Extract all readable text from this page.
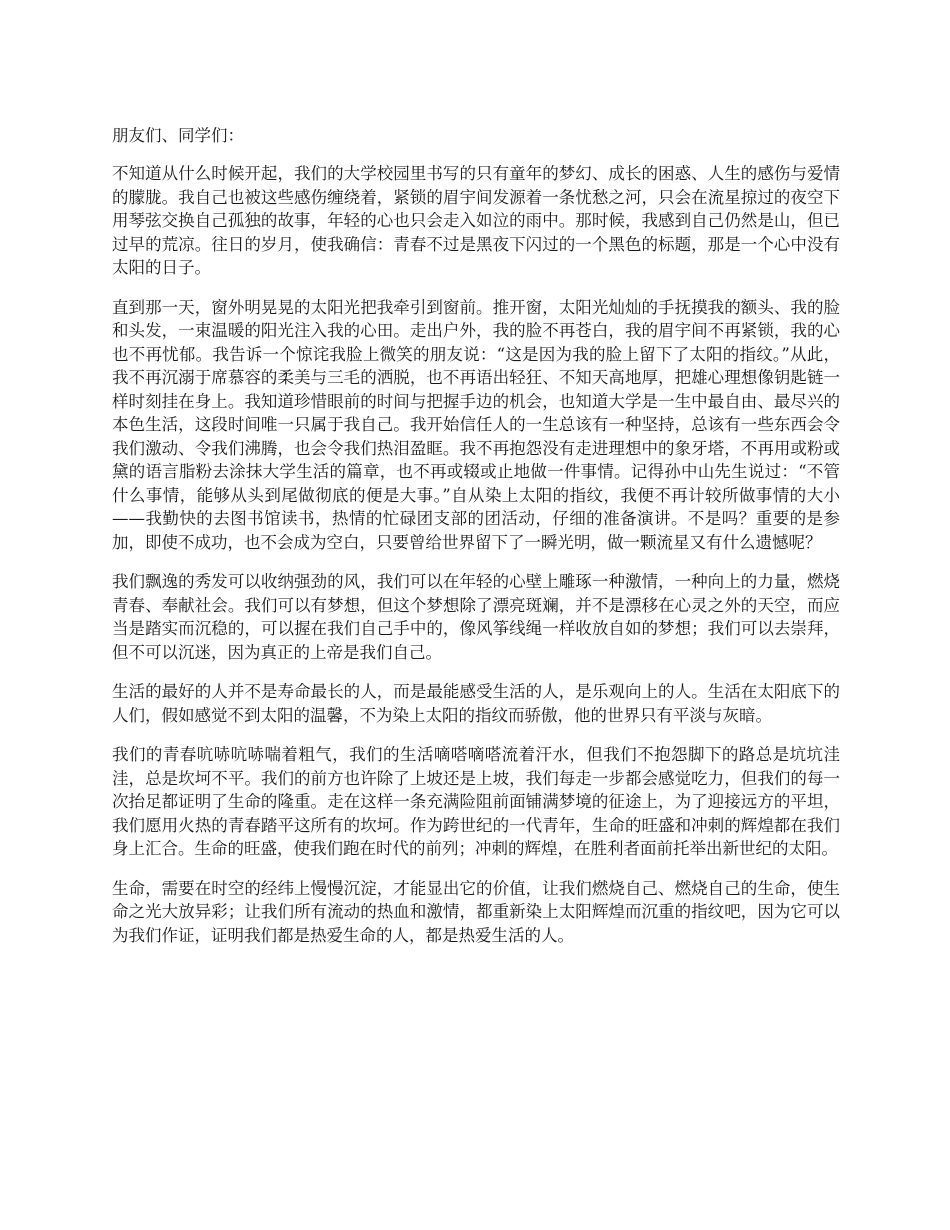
朋友们、同学们：

不知道从什么时候开起，我们的大学校园里书写的只有童年的梦幻、成长的困惑、人生的感伤与爱情的朦胧。我自己也被这些感伤缠绕着，紧锁的眉宇间发源着一条忧愁之河，只会在流星掠过的夜空下用琴弦交换自己孤独的故事，年轻的心也只会走入如泣的雨中。那时候，我感到自己仍然是山，但已过早的荒凉。往日的岁月，使我确信：青春不过是黑夜下闪过的一个黑色的标题，那是一个心中没有太阳的日子。

直到那一天，窗外明晃晃的太阳光把我牵引到窗前。推开窗，太阳光灿灿的手抚摸我的额头、我的脸和头发，一束温暖的阳光注入我的心田。走出户外，我的脸不再苍白，我的眉宇间不再紧锁，我的心也不再忧郁。我告诉一个惊诧我脸上微笑的朋友说：“这是因为我的脸上留下了太阳的指纹。”从此，我不再沉溺于席慕容的柔美与三毛的洒脱，也不再语出轻狂、不知天高地厚，把雄心理想像钥匙链一样时刻挂在身上。我知道珍惜眼前的时间与把握手边的机会，也知道大学是一生中最自由、最尽兴的本色生活，这段时间唯一只属于我自己。我开始信任人的一生总该有一种坚持，总该有一些东西会令我们激动、令我们沸腾，也会令我们热泪盈眶。我不再抱怨没有走进理想中的象牙塔，不再用或粉或黛的语言脂粉去涂抹大学生活的篇章，也不再或辍或止地做一件事情。记得孙中山先生说过：“不管什么事情，能够从头到尾做彻底的便是大事。”自从染上太阳的指纹，我便不再计较所做事情的大小——我勤快的去图书馆读书，热情的忙碌团支部的团活动，仔细的准备演讲。不是吗？重要的是参加，即使不成功，也不会成为空白，只要曾给世界留下了一瞬光明，做一颗流星又有什么遗憾呢？

我们飘逸的秀发可以收纳强劲的风，我们可以在年轻的心壁上雕琢一种激情，一种向上的力量，燃烧青春、奉献社会。我们可以有梦想，但这个梦想除了漂亮斑斓，并不是漂移在心灵之外的天空，而应当是踏实而沉稳的，可以握在我们自己手中的，像风筝线绳一样收放自如的梦想；我们可以去崇拜，但不可以沉迷，因为真正的上帝是我们自己。

生活的最好的人并不是寿命最长的人，而是最能感受生活的人，是乐观向上的人。生活在太阳底下的人们，假如感觉不到太阳的温馨，不为染上太阳的指纹而骄傲，他的世界只有平淡与灰暗。

我们的青春吭哧吭哧喘着粗气，我们的生活嘀嗒嘀嗒流着汗水，但我们不抱怨脚下的路总是坑坑洼洼，总是坎坷不平。我们的前方也许除了上坡还是上坡，我们每走一步都会感觉吃力，但我们的每一次抬足都证明了生命的隆重。走在这样一条充满险阻前面铺满梦境的征途上，为了迎接远方的平坦，我们愿用火热的青春踏平这所有的坎坷。作为跨世纪的一代青年，生命的旺盛和冲刺的辉煌都在我们身上汇合。生命的旺盛，使我们跑在时代的前列；冲刺的辉煌，在胜利者面前托举出新世纪的太阳。

生命，需要在时空的经纬上慢慢沉淀，才能显出它的价值，让我们燃烧自己、燃烧自己的生命，使生命之光大放异彩；让我们所有流动的热血和激情，都重新染上太阳辉煌而沉重的指纹吧，因为它可以为我们作证，证明我们都是热爱生命的人，都是热爱生活的人。
